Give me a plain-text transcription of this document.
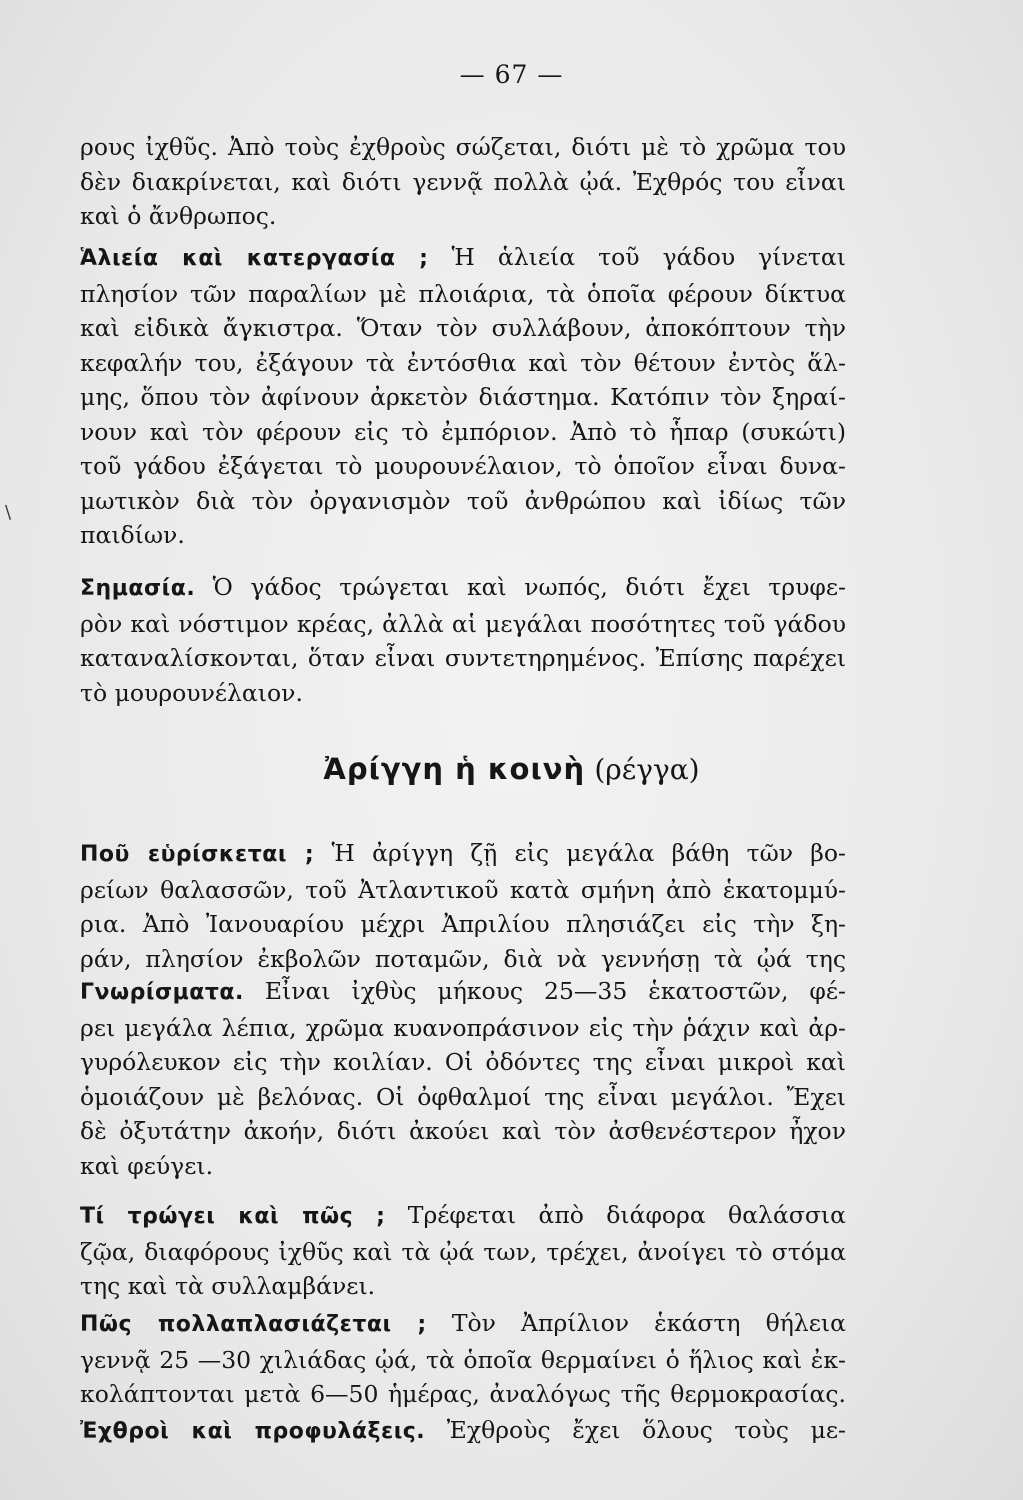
— 67 —
ρους ἰχθῦς. Ἀπὸ τοὺς ἐχθροὺς σώζεται, διότι μὲ τὸ χρῶμα του
δὲν διακρίνεται, καὶ διότι γεννᾷ πολλὰ ᾠά. Ἐχθρός του εἶναι
καὶ ὁ ἄνθρωπος.
Ἁλιεία καὶ κατεργασία ; Ἡ ἁλιεία τοῦ γάδου γίνεται
πλησίον τῶν παραλίων μὲ πλοιάρια, τὰ ὁποῖα φέρουν δίκτυα
καὶ εἰδικὰ ἄγκιστρα. Ὅταν τὸν συλλάβουν, ἀποκόπτουν τὴν
κεφαλήν του, ἐξάγουν τὰ ἐντόσθια καὶ τὸν θέτουν ἐντὸς ἅλ-
μης, ὅπου τὸν ἀφίνουν ἀρκετὸν διάστημα. Κατόπιν τὸν ξηραί-
νουν καὶ τὸν φέρουν εἰς τὸ ἐμπόριον. Ἀπὸ τὸ ἧπαρ (συκώτι)
τοῦ γάδου ἐξάγεται τὸ μουρουνέλαιον, τὸ ὁποῖον εἶναι δυνα-
μωτικὸν διὰ τὸν ὀργανισμὸν τοῦ ἀνθρώπου καὶ ἰδίως τῶν
παιδίων.
Σημασία. Ὁ γάδος τρώγεται καὶ νωπός, διότι ἔχει τρυφε-
ρὸν καὶ νόστιμον κρέας, ἀλλὰ αἱ μεγάλαι ποσότητες τοῦ γάδου
καταναλίσκονται, ὅταν εἶναι συντετηρημένος. Ἐπίσης παρέχει
τὸ μουρουνέλαιον.
Ἀρίγγη ἡ κοινὴ (ρέγγα)
Ποῦ εὑρίσκεται ; Ἡ ἀρίγγη ζῇ εἰς μεγάλα βάθη τῶν βο-
ρείων θαλασσῶν, τοῦ Ἀτλαντικοῦ κατὰ σμήνη ἀπὸ ἑκατομμύ-
ρια. Ἀπὸ Ἰανουαρίου μέχρι Ἀπριλίου πλησιάζει εἰς τὴν ξη-
ράν, πλησίον ἐκβολῶν ποταμῶν, διὰ νὰ γεννήσῃ τὰ ᾠά της
Γνωρίσματα. Εἶναι ἰχθὺς μήκους 25—35 ἑκατοστῶν, φέ-
ρει μεγάλα λέπια, χρῶμα κυανοπράσινον εἰς τὴν ῥάχιν καὶ ἀρ-
γυρόλευκον εἰς τὴν κοιλίαν. Οἱ ὀδόντες της εἶναι μικροὶ καὶ
ὁμοιάζουν μὲ βελόνας. Οἱ ὀφθαλμοί της εἶναι μεγάλοι. Ἔχει
δὲ ὀξυτάτην ἀκοήν, διότι ἀκούει καὶ τὸν ἀσθενέστερον ἦχον
καὶ φεύγει.
Τί τρώγει καὶ πῶς ; Τρέφεται ἀπὸ διάφορα θαλάσσια
ζῷα, διαφόρους ἰχθῦς καὶ τὰ ᾠά των, τρέχει, ἀνοίγει τὸ στόμα
της καὶ τὰ συλλαμβάνει.
Πῶς πολλαπλασιάζεται ; Τὸν Ἀπρίλιον ἑκάστη θήλεια
γεννᾷ 25 —30 χιλιάδας ᾠά, τὰ ὁποῖα θερμαίνει ὁ ἥλιος καὶ ἐκ-
κολάπτονται μετὰ 6—50 ἡμέρας, ἀναλόγως τῆς θερμοκρασίας.
Ἐχθροὶ καὶ προφυλάξεις. Ἐχθροὺς ἔχει ὅλους τοὺς με-
\
